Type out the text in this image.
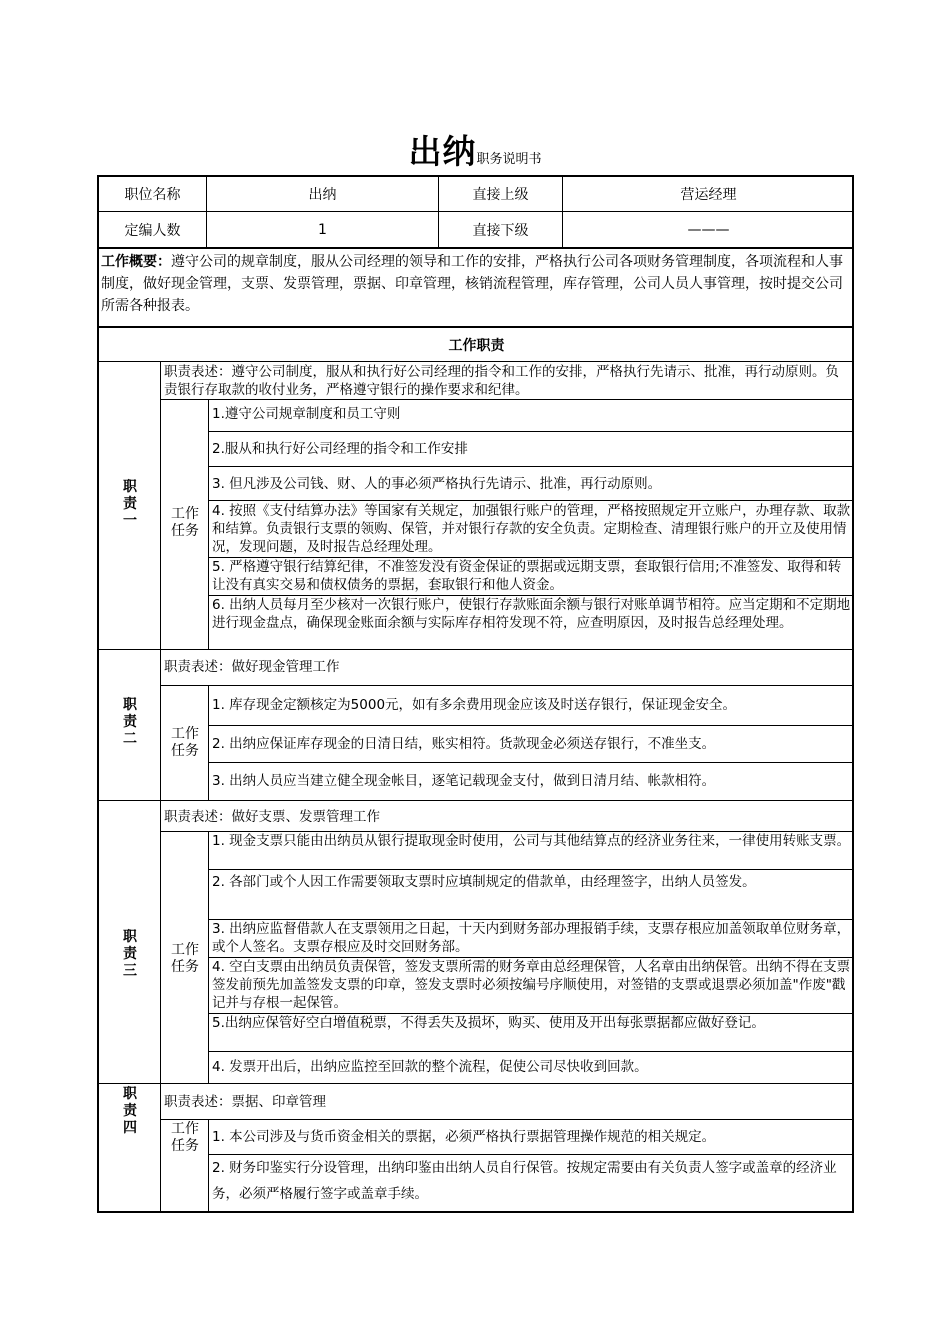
出纳职务说明书
职位名称	出纳	直接上级	营运经理
定编人数	1	直接下级	———
工作概要：遵守公司的规章制度，服从公司经理的领导和工作的安排，严格执行公司各项财务管理制度，各项流程和人事制度，做好现金管理，支票、发票管理，票据、印章管理，核销流程管理，库存管理，公司人员人事管理，按时提交公司所需各种报表。
工作职责
职责一
职责表述：遵守公司制度，服从和执行好公司经理的指令和工作的安排，严格执行先请示、批准，再行动原则。负责银行存取款的收付业务，严格遵守银行的操作要求和纪律。
工作任务
1.遵守公司规章制度和员工守则
2.服从和执行好公司经理的指令和工作安排
3. 但凡涉及公司钱、财、人的事必须严格执行先请示、批准，再行动原则。
4. 按照《支付结算办法》等国家有关规定，加强银行账户的管理，严格按照规定开立账户，办理存款、取款和结算。负责银行支票的领购、保管，并对银行存款的安全负责。定期检查、清理银行账户的开立及使用情况，发现问题，及时报告总经理处理。
5. 严格遵守银行结算纪律，不准签发没有资金保证的票据或远期支票，套取银行信用;不准签发、取得和转让没有真实交易和债权债务的票据，套取银行和他人资金。
6. 出纳人员每月至少核对一次银行账户，使银行存款账面余额与银行对账单调节相符。应当定期和不定期地进行现金盘点，确保现金账面余额与实际库存相符发现不符，应查明原因，及时报告总经理处理。
职责二
职责表述：做好现金管理工作
工作任务
1. 库存现金定额核定为5000元，如有多余费用现金应该及时送存银行，保证现金安全。
2. 出纳应保证库存现金的日清日结，账实相符。货款现金必须送存银行，不准坐支。
3. 出纳人员应当建立健全现金帐目，逐笔记载现金支付，做到日清月结、帐款相符。
职责三
职责表述：做好支票、发票管理工作
工作任务
1. 现金支票只能由出纳员从银行提取现金时使用，公司与其他结算点的经济业务往来，一律使用转账支票。
2. 各部门或个人因工作需要领取支票时应填制规定的借款单，由经理签字，出纳人员签发。
3. 出纳应监督借款人在支票领用之日起，十天内到财务部办理报销手续，支票存根应加盖领取单位财务章，或个人签名。支票存根应及时交回财务部。
4. 空白支票由出纳员负责保管，签发支票所需的财务章由总经理保管，人名章由出纳保管。出纳不得在支票签发前预先加盖签发支票的印章，签发支票时必须按编号序顺使用，对签错的支票或退票必须加盖"作废"戳记并与存根一起保管。
5.出纳应保管好空白增值税票，不得丢失及损坏，购买、使用及开出每张票据都应做好登记。
4. 发票开出后，出纳应监控至回款的整个流程，促使公司尽快收到回款。
职责四
职责表述：票据、印章管理
工作任务
1. 本公司涉及与货币资金相关的票据，必须严格执行票据管理操作规范的相关规定。
2. 财务印鉴实行分设管理，出纳印鉴由出纳人员自行保管。按规定需要由有关负责人签字或盖章的经济业务，必须严格履行签字或盖章手续。
